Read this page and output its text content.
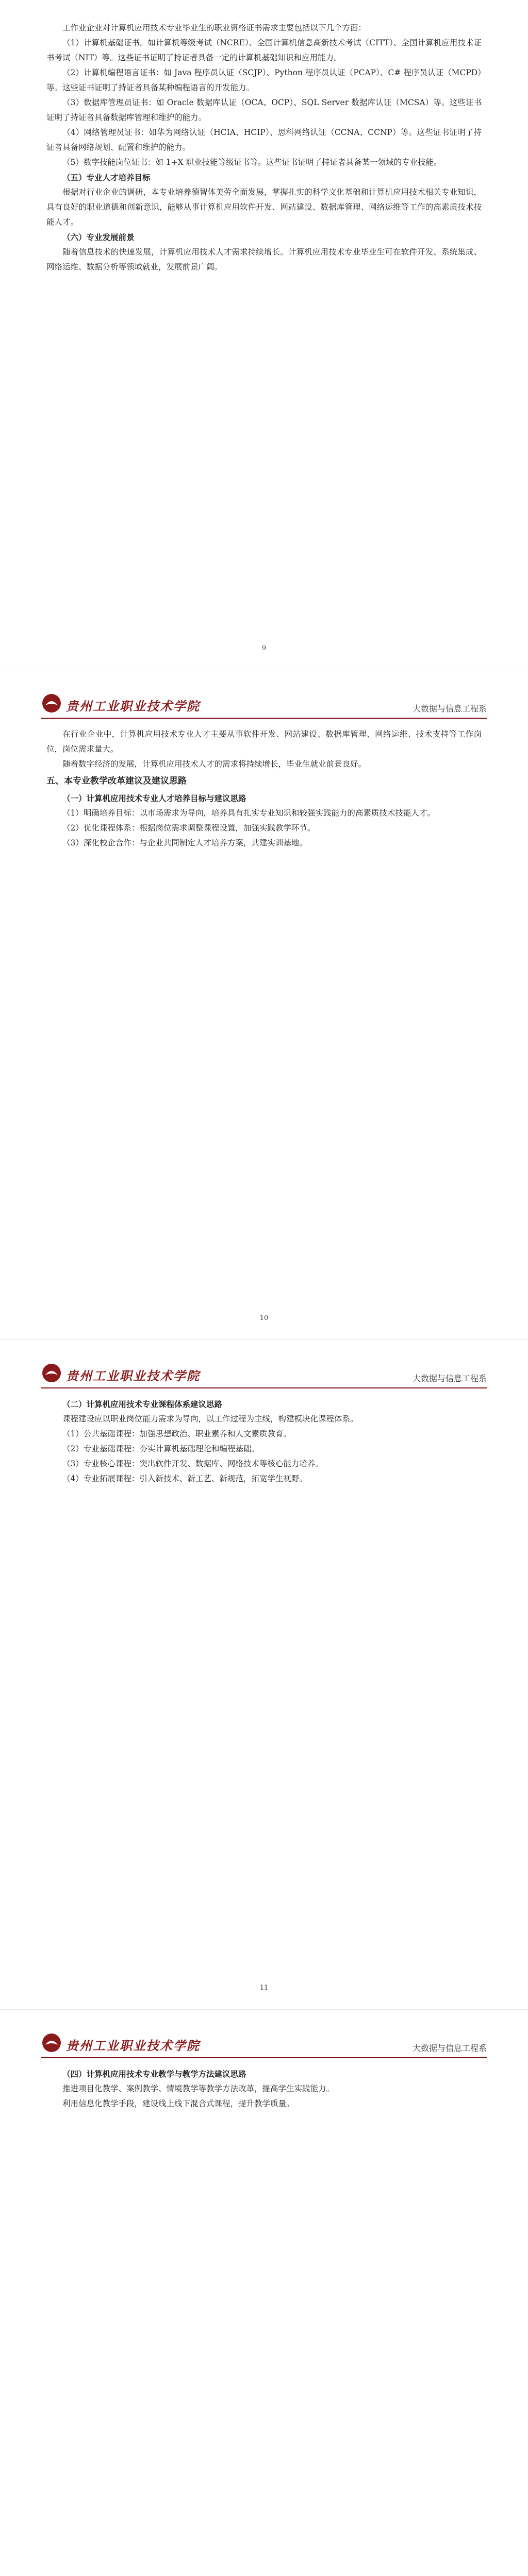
工作业企业对计算机应用技术专业毕业生的职业资格证书需求主要包括以下几个方面：

（1）计算机基础证书。如计算机等级考试（NCRE）、全国计算机信息高新技术考试（CITT）、全国计算机应用技术证书考试（NIT）等。这些证书证明了持证者具备一定的计算机基础知识和应用能力。

（2）计算机编程语言证书：如 Java 程序员认证（SCJP）、Python 程序员认证（PCAP）、C# 程序员认证（MCPD）等。这些证书证明了持证者具备某种编程语言的开发能力。

（3）数据库管理员证书：如 Oracle 数据库认证（OCA、OCP）、SQL Server 数据库认证（MCSA）等。这些证书证明了持证者具备数据库管理和维护的能力。

（4）网络管理员证书：如华为网络认证（HCIA、HCIP）、思科网络认证（CCNA、CCNP）等。这些证书证明了持证者具备网络规划、配置和维护的能力。

（5）数字技能岗位证书：如 1+X 职业技能等级证书等。这些证书证明了持证者具备某一领域的专业技能。

（五）专业人才培养目标

根据对行业企业的调研，本专业培养德智体美劳全面发展，掌握扎实的科学文化基础和计算机应用技术相关专业知识，具有良好的职业道德和创新意识，能够从事计算机应用软件开发、网站建设、数据库管理、网络运维等工作的高素质技术技能人才。

（六）专业发展前景

随着信息技术的快速发展，计算机应用技术人才需求持续增长。计算机应用技术专业毕业生可在软件开发、系统集成、网络运维、数据分析等领域就业，发展前景广阔。

9
贵州工业职业技术学院	大数据与信息工程系

在行业企业中，计算机应用技术专业人才主要从事软件开发、网站建设、数据库管理、网络运维、技术支持等工作岗位，岗位需求量大。

随着数字经济的发展，计算机应用技术人才的需求将持续增长，毕业生就业前景良好。

五、本专业教学改革建议及建议思路
（一）计算机应用技术专业人才培养目标与建议思路

（1）明确培养目标：以市场需求为导向，培养具有扎实专业知识和较强实践能力的高素质技术技能人才。

（2）优化课程体系：根据岗位需求调整课程设置，加强实践教学环节。

（3）深化校企合作：与企业共同制定人才培养方案，共建实训基地。

10
贵州工业职业技术学院	大数据与信息工程系
（二）计算机应用技术专业课程体系建议思路

课程建设应以职业岗位能力需求为导向，以工作过程为主线，构建模块化课程体系。

（1）公共基础课程：加强思想政治、职业素养和人文素质教育。

（2）专业基础课程：夯实计算机基础理论和编程基础。

（3）专业核心课程：突出软件开发、数据库、网络技术等核心能力培养。

（4）专业拓展课程：引入新技术、新工艺、新规范，拓宽学生视野。

11
贵州工业职业技术学院	大数据与信息工程系
（四）计算机应用技术专业教学与教学方法建议思路

推进项目化教学、案例教学、情境教学等教学方法改革，提高学生实践能力。

利用信息化教学手段，建设线上线下混合式课程，提升教学质量。
